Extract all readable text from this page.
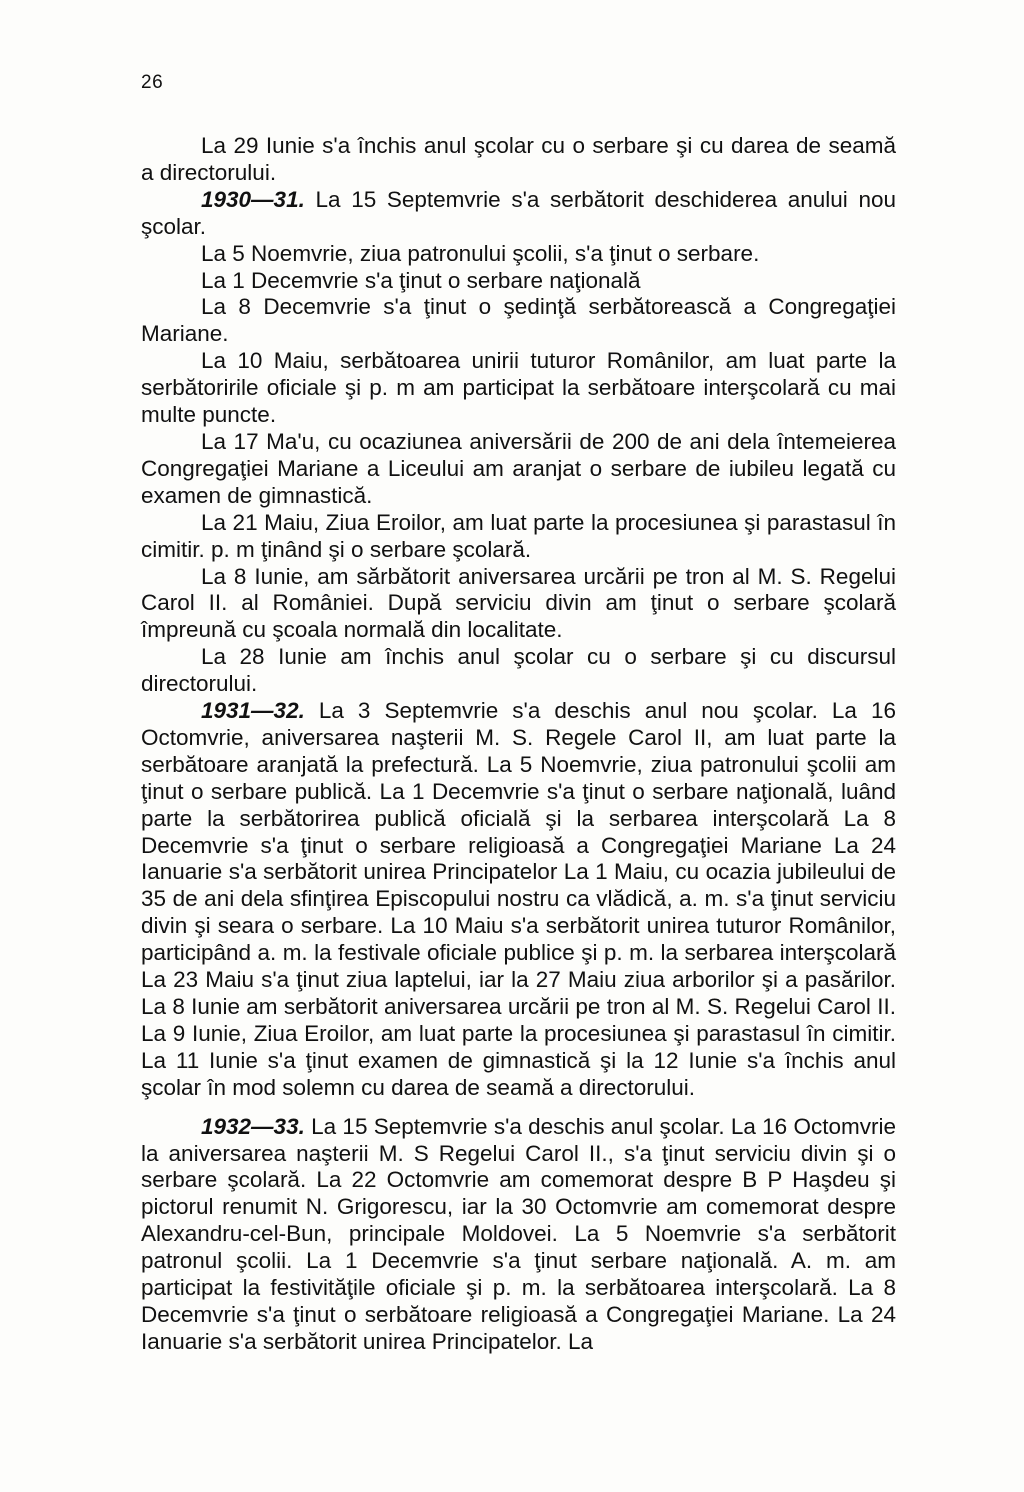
26

La 29 Iunie s'a închis anul şcolar cu o serbare şi cu darea de seamă a directorului.

1930—31. La 15 Septemvrie s'a serbătorit deschiderea anului nou şcolar.

La 5 Noemvrie, ziua patronului şcolii, s'a ţinut o serbare.

La 1 Decemvrie s'a ţinut o serbare naţională

La 8 Decemvrie s'a ţinut o şedinţă serbătorească a Congregaţiei Mariane.

La 10 Maiu, serbătoarea unirii tuturor Românilor, am luat parte la serbătoririle oficiale şi p. m am participat la serbătoare interşcolară cu mai multe puncte.

La 17 Ma'u, cu ocaziunea aniversării de 200 de ani dela întemeierea Congregaţiei Mariane a Liceului am aranjat o serbare de iubileu legată cu examen de gimnastică.

La 21 Maiu, Ziua Eroilor, am luat parte la procesiunea şi parastasul în cimitir. p. m ţinând şi o serbare şcolară.

La 8 Iunie, am sărbătorit aniversarea urcării pe tron al M. S. Regelui Carol II. al României. După serviciu divin am ţinut o serbare şcolară împreună cu şcoala normală din localitate.

La 28 Iunie am închis anul şcolar cu o serbare şi cu discursul directorului.

1931—32. La 3 Septemvrie s'a deschis anul nou şcolar. La 16 Octomvrie, aniversarea naşterii M. S. Regele Carol II, am luat parte la serbătoare aranjată la prefectură. La 5 Noemvrie, ziua patronului şcolii am ţinut o serbare publică. La 1 Decemvrie s'a ţinut o serbare naţională, luând parte la serbătorirea publică oficială şi la serbarea interşcolară La 8 Decemvrie s'a ţinut o serbare religioasă a Congregaţiei Mariane La 24 Ianuarie s'a serbătorit unirea Principatelor La 1 Maiu, cu ocazia jubileului de 35 de ani dela sfinţirea Episcopului nostru ca vlădică, a. m. s'a ţinut serviciu divin şi seara o serbare. La 10 Maiu s'a serbătorit unirea tuturor Românilor, participând a. m. la festivale oficiale publice şi p. m. la serbarea interşcolară La 23 Maiu s'a ţinut ziua laptelui, iar la 27 Maiu ziua arborilor şi a pasărilor. La 8 Iunie am serbătorit aniversarea urcării pe tron al M. S. Regelui Carol II. La 9 Iunie, Ziua Eroilor, am luat parte la procesiunea şi parastasul în cimitir. La 11 Iunie s'a ţinut examen de gimnastică şi la 12 Iunie s'a închis anul şcolar în mod solemn cu darea de seamă a directorului.

1932—33. La 15 Septemvrie s'a deschis anul şcolar. La 16 Octomvrie la aniversarea naşterii M. S Regelui Carol II., s'a ţinut serviciu divin şi o serbare şcolară. La 22 Octomvrie am comemorat despre B P Haşdeu şi pictorul renumit N. Grigorescu, iar la 30 Octomvrie am comemorat despre Alexandru-cel-Bun, principale Moldovei. La 5 Noemvrie s'a serbătorit patronul şcolii. La 1 Decemvrie s'a ţinut serbare naţională. A. m. am participat la festivităţile oficiale şi p. m. la serbătoarea interşcolară. La 8 Decemvrie s'a ţinut o serbătoare religioasă a Congregaţiei Mariane. La 24 Ianuarie s'a serbătorit unirea Principatelor. La
